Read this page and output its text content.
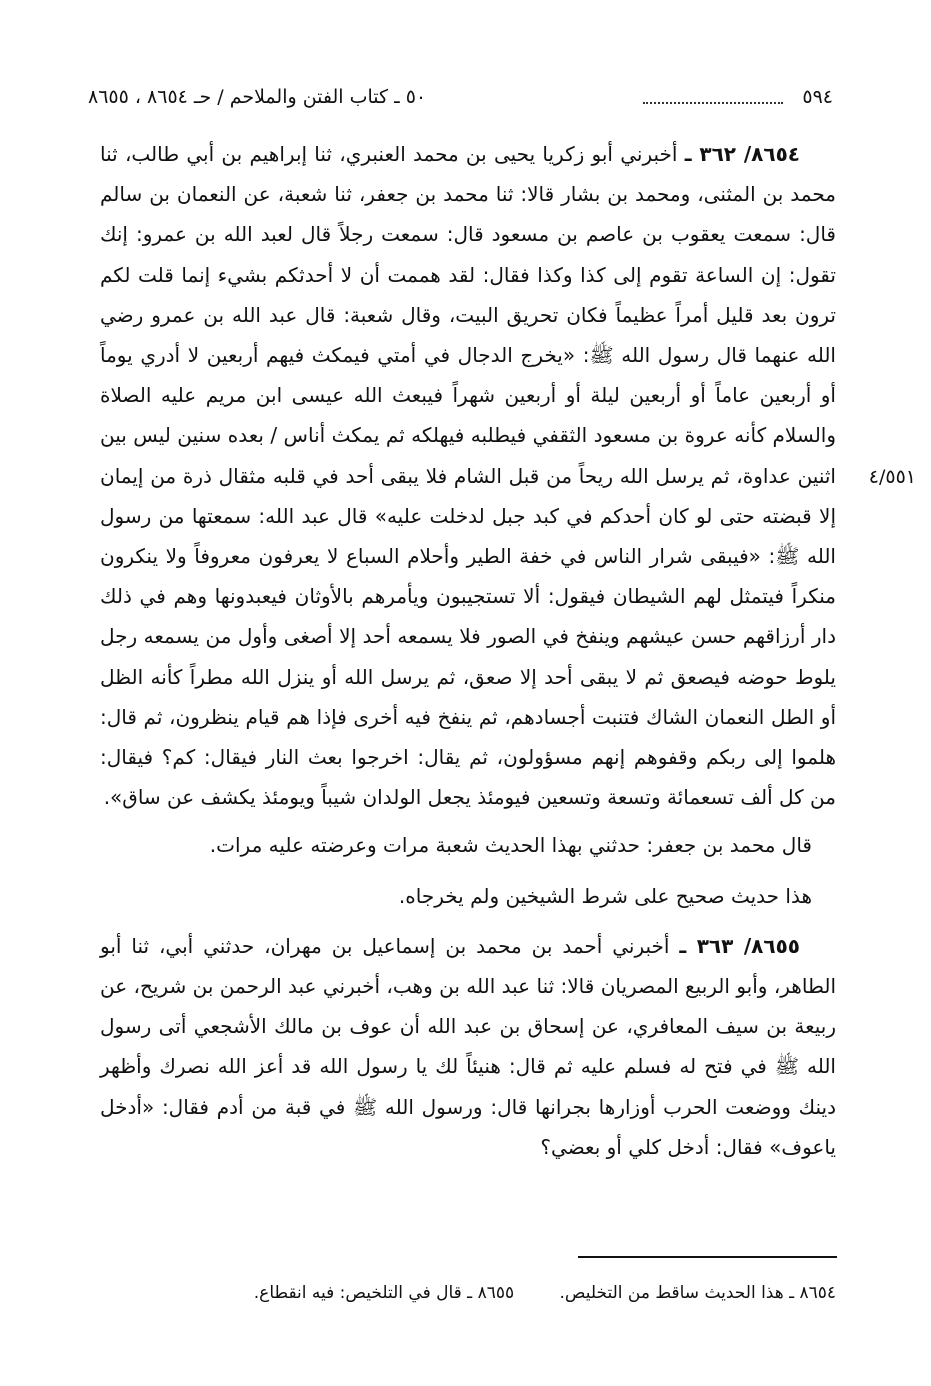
٥٩٤
٥٠ ـ كتاب الفتن والملاحم / حـ ٨٦٥٤ ، ٨٦٥٥
٤/٥٥١

٨٦٥٤/ ٣٦٢ ـ أخبرني أبو زكريا يحيى بن محمد العنبري، ثنا إبراهيم بن أبي طالب، ثنا محمد بن المثنى، ومحمد بن بشار قالا: ثنا محمد بن جعفر، ثنا شعبة، عن النعمان بن سالم قال: سمعت يعقوب بن عاصم بن مسعود قال: سمعت رجلاً قال لعبد الله بن عمرو: إنك تقول: إن الساعة تقوم إلى كذا وكذا فقال: لقد هممت أن لا أحدثكم بشيء إنما قلت لكم ترون بعد قليل أمراً عظيماً فكان تحريق البيت، وقال شعبة: قال عبد الله بن عمرو رضي الله عنهما قال رسول الله ﷺ: «يخرج الدجال في أمتي فيمكث فيهم أربعين لا أدري يوماً أو أربعين عاماً أو أربعين ليلة أو أربعين شهراً فيبعث الله عيسى ابن مريم عليه الصلاة والسلام كأنه عروة بن مسعود الثقفي فيطلبه فيهلكه ثم يمكث أناس / بعده سنين ليس بين اثنين عداوة، ثم يرسل الله ريحاً من قبل الشام فلا يبقى أحد في قلبه مثقال ذرة من إيمان إلا قبضته حتى لو كان أحدكم في كبد جبل لدخلت عليه» قال عبد الله: سمعتها من رسول الله ﷺ: «فيبقى شرار الناس في خفة الطير وأحلام السباع لا يعرفون معروفاً ولا ينكرون منكراً فيتمثل لهم الشيطان فيقول: ألا تستجيبون ويأمرهم بالأوثان فيعبدونها وهم في ذلك دار أرزاقهم حسن عيشهم وينفخ في الصور فلا يسمعه أحد إلا أصغى وأول من يسمعه رجل يلوط حوضه فيصعق ثم لا يبقى أحد إلا صعق، ثم يرسل الله أو ينزل الله مطراً كأنه الظل أو الطل النعمان الشاك فتنبت أجسادهم، ثم ينفخ فيه أخرى فإذا هم قيام ينظرون، ثم قال: هلموا إلى ربكم وقفوهم إنهم مسؤولون، ثم يقال: اخرجوا بعث النار فيقال: كم؟ فيقال: من كل ألف تسعمائة وتسعة وتسعين فيومئذ يجعل الولدان شيباً ويومئذ يكشف عن ساق».

قال محمد بن جعفر: حدثني بهذا الحديث شعبة مرات وعرضته عليه مرات.

هذا حديث صحيح على شرط الشيخين ولم يخرجاه.

٨٦٥٥/ ٣٦٣ ـ أخبرني أحمد بن محمد بن إسماعيل بن مهران، حدثني أبي، ثنا أبو الطاهر، وأبو الربيع المصريان قالا: ثنا عبد الله بن وهب، أخبرني عبد الرحمن بن شريح، عن ربيعة بن سيف المعافري، عن إسحاق بن عبد الله أن عوف بن مالك الأشجعي أتى رسول الله ﷺ في فتح له فسلم عليه ثم قال: هنيئاً لك يا رسول الله قد أعز الله نصرك وأظهر دينك ووضعت الحرب أوزارها بجرانها قال: ورسول الله ﷺ في قبة من أدم فقال: «أدخل ياعوف» فقال: أدخل كلي أو بعضي؟

٨٦٥٤ ـ هذا الحديث ساقط من التخليص. ٨٦٥٥ ـ قال في التلخيص: فيه انقطاع.
